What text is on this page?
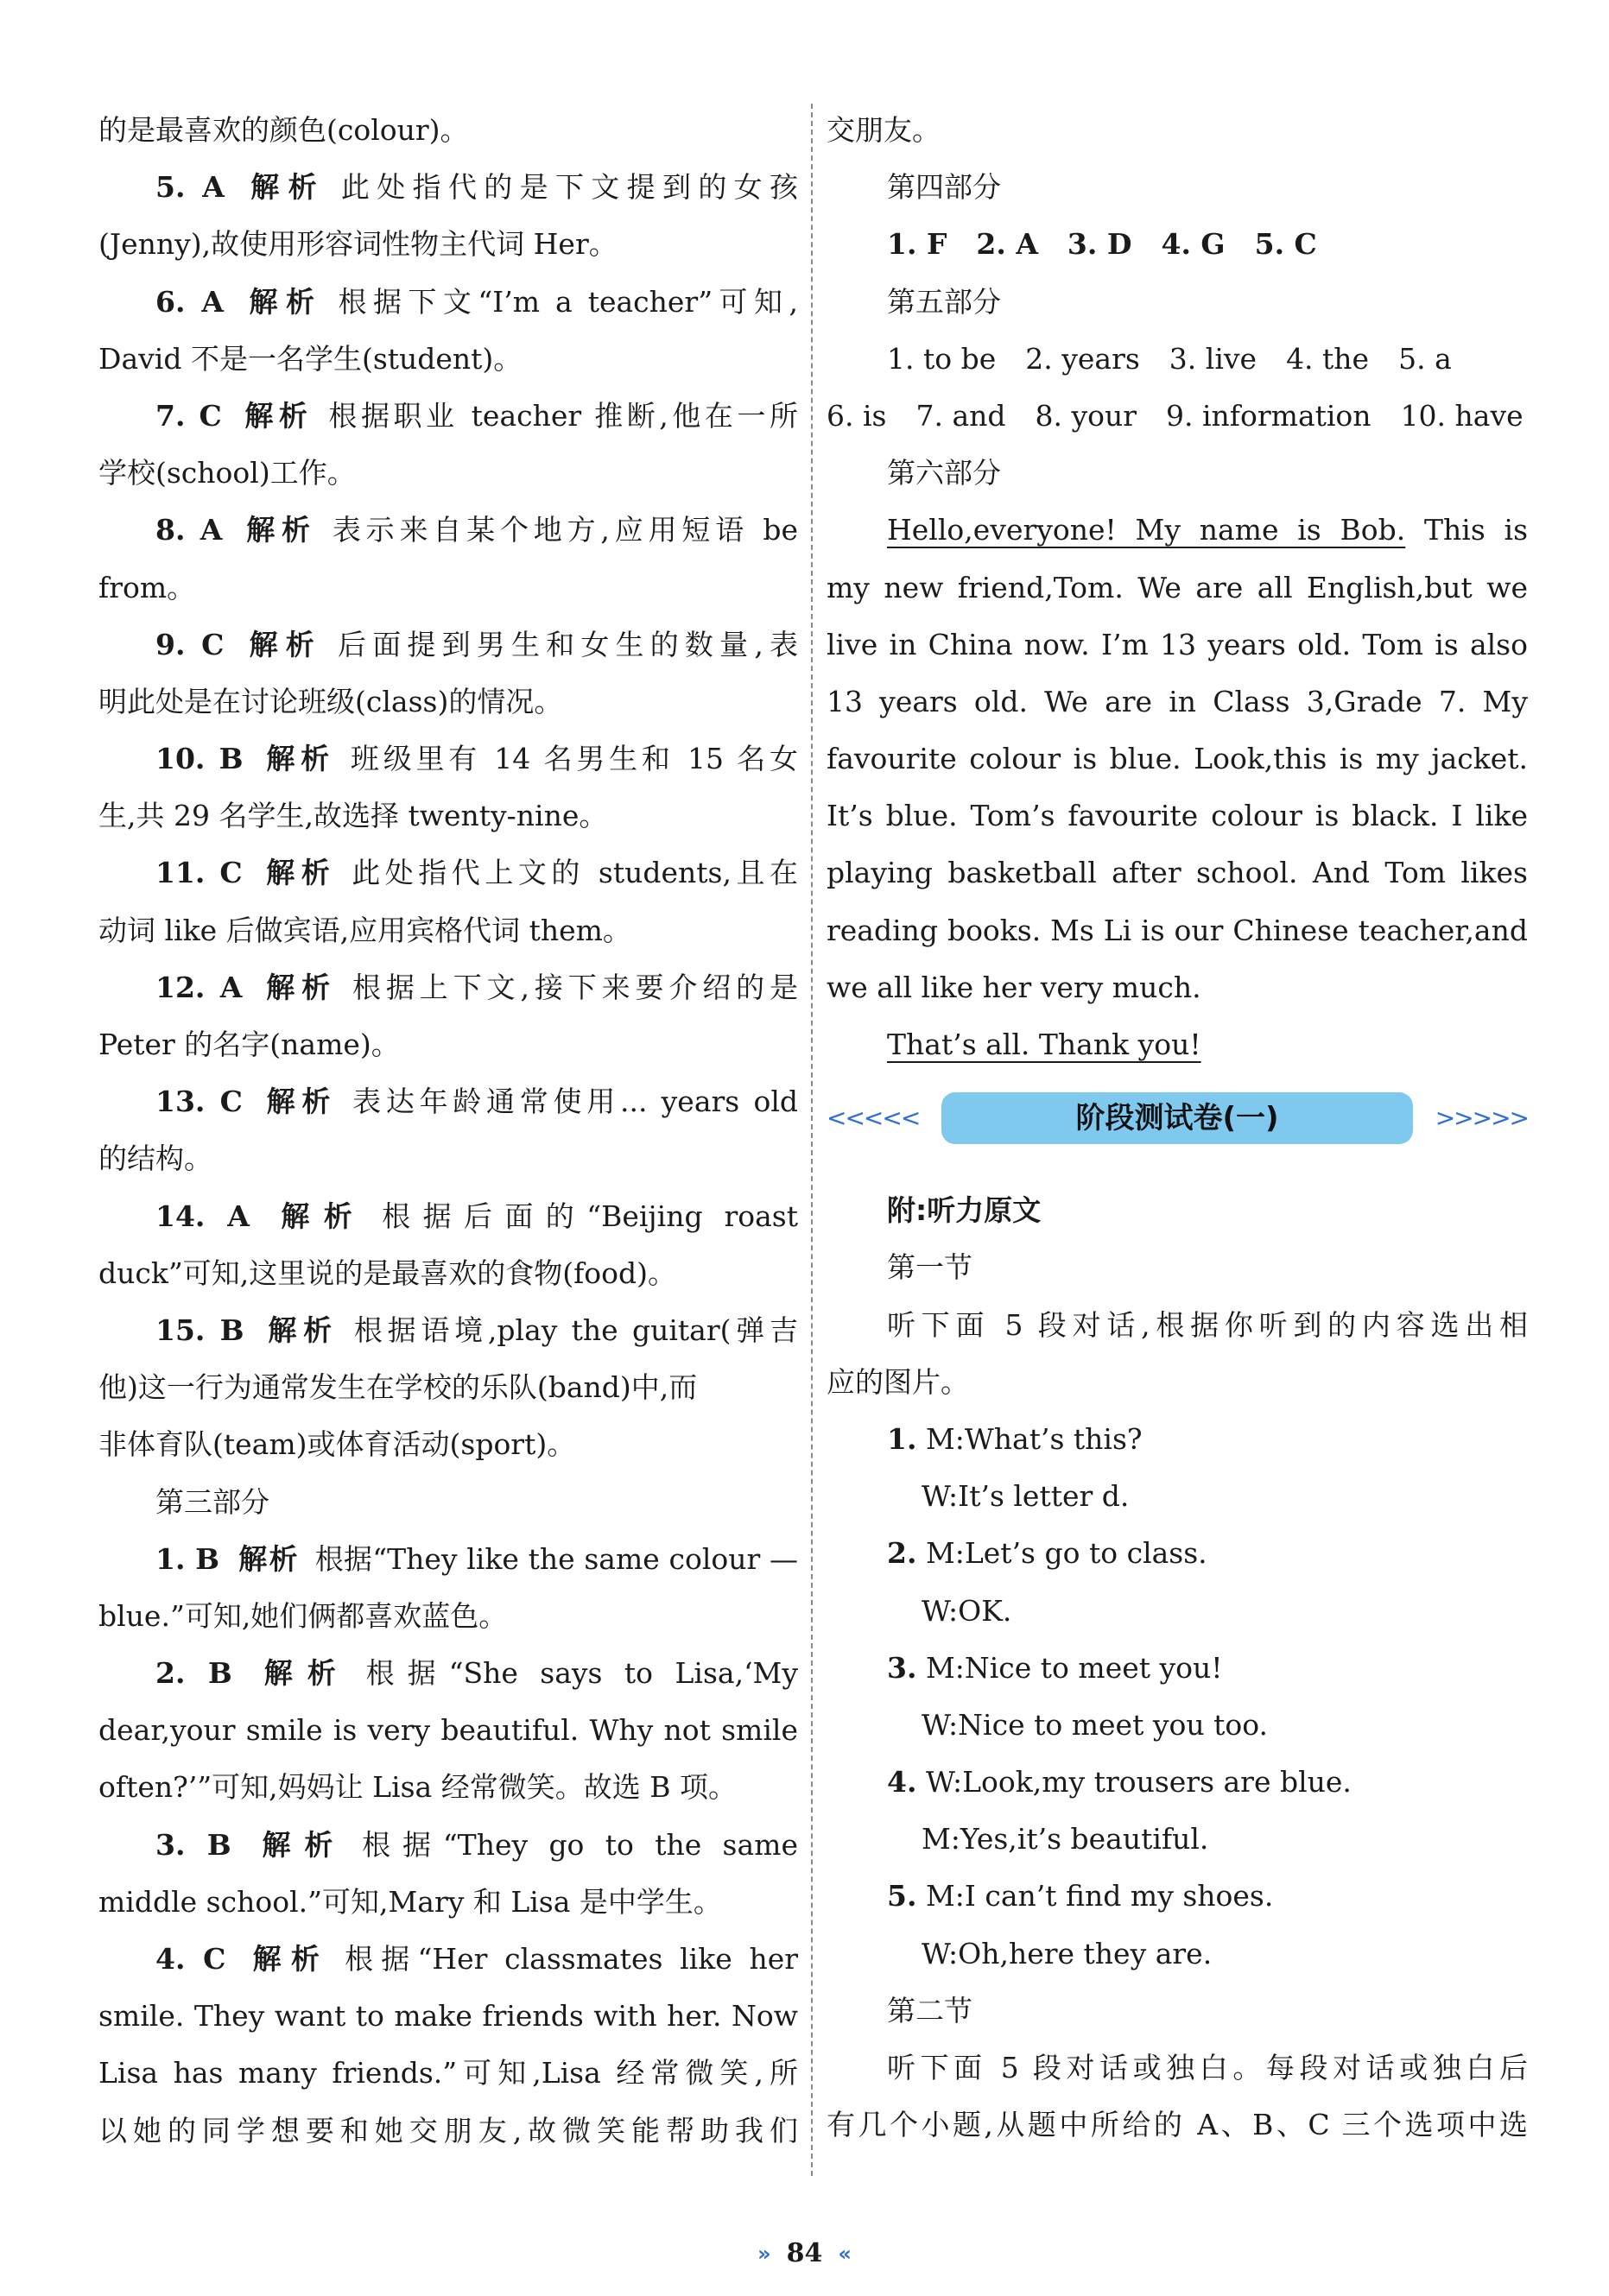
的是最喜欢的颜色(colour)。
5. A 解析 此处指代的是下文提到的女孩
(Jenny),故使用形容词性物主代词 Her。
6. A 解析 根据下文“I’m a teacher”可知,
David 不是一名学生(student)。
7. C 解析 根据职业 teacher 推断,他在一所
学校(school)工作。
8. A 解析 表示来自某个地方,应用短语 be
from。
9. C 解析 后面提到男生和女生的数量,表
明此处是在讨论班级(class)的情况。
10. B 解析 班级里有 14 名男生和 15 名女
生,共 29 名学生,故选择 twenty-nine。
11. C 解析 此处指代上文的 students,且在
动词 like 后做宾语,应用宾格代词 them。
12. A 解析 根据上下文,接下来要介绍的是
Peter 的名字(name)。
13. C 解析 表达年龄通常使用... years old
的结构。
14. A 解析 根据后面的“Beijing roast
duck”可知,这里说的是最喜欢的食物(food)。
15. B 解析 根据语境,play the guitar(弹吉
他)这一行为通常发生在学校的乐队(band)中,而
非体育队(team)或体育活动(sport)。
第三部分
1. B 解析 根据“They like the same colour —
blue.”可知,她们俩都喜欢蓝色。
2. B 解析 根据“She says to Lisa,‘My
dear,your smile is very beautiful. Why not smile
often?’”可知,妈妈让 Lisa 经常微笑。故选 B 项。
3. B 解析 根据“They go to the same
middle school.”可知,Mary 和 Lisa 是中学生。
4. C 解析 根据“Her classmates like her
smile. They want to make friends with her. Now
Lisa has many friends.”可知,Lisa 经常微笑,所
以她的同学想要和她交朋友,故微笑能帮助我们
交朋友。
第四部分
1. F 2. A 3. D 4. G 5. C
第五部分
1. to be 2. years 3. live 4. the 5. a
6. is 7. and 8. your 9. information 10. have
第六部分
Hello,everyone! My name is Bob. This is
my new friend,Tom. We are all English,but we
live in China now. I’m 13 years old. Tom is also
13 years old. We are in Class 3,Grade 7. My
favourite colour is blue. Look,this is my jacket.
It’s blue. Tom’s favourite colour is black. I like
playing basketball after school. And Tom likes
reading books. Ms Li is our Chinese teacher,and
we all like her very much.
That’s all. Thank you!
<<<<<	阶段测试卷(一)	>>>>>
附:听力原文
第一节
听下面 5 段对话,根据你听到的内容选出相
应的图片。
1. M:What’s this?
W:It’s letter d.
2. M:Let’s go to class.
W:OK.
3. M:Nice to meet you!
W:Nice to meet you too.
4. W:Look,my trousers are blue.
M:Yes,it’s beautiful.
5. M:I can’t find my shoes.
W:Oh,here they are.
第二节
听下面 5 段对话或独白。每段对话或独白后
有几个小题,从题中所给的 A、B、C 三个选项中选
» 84 «
